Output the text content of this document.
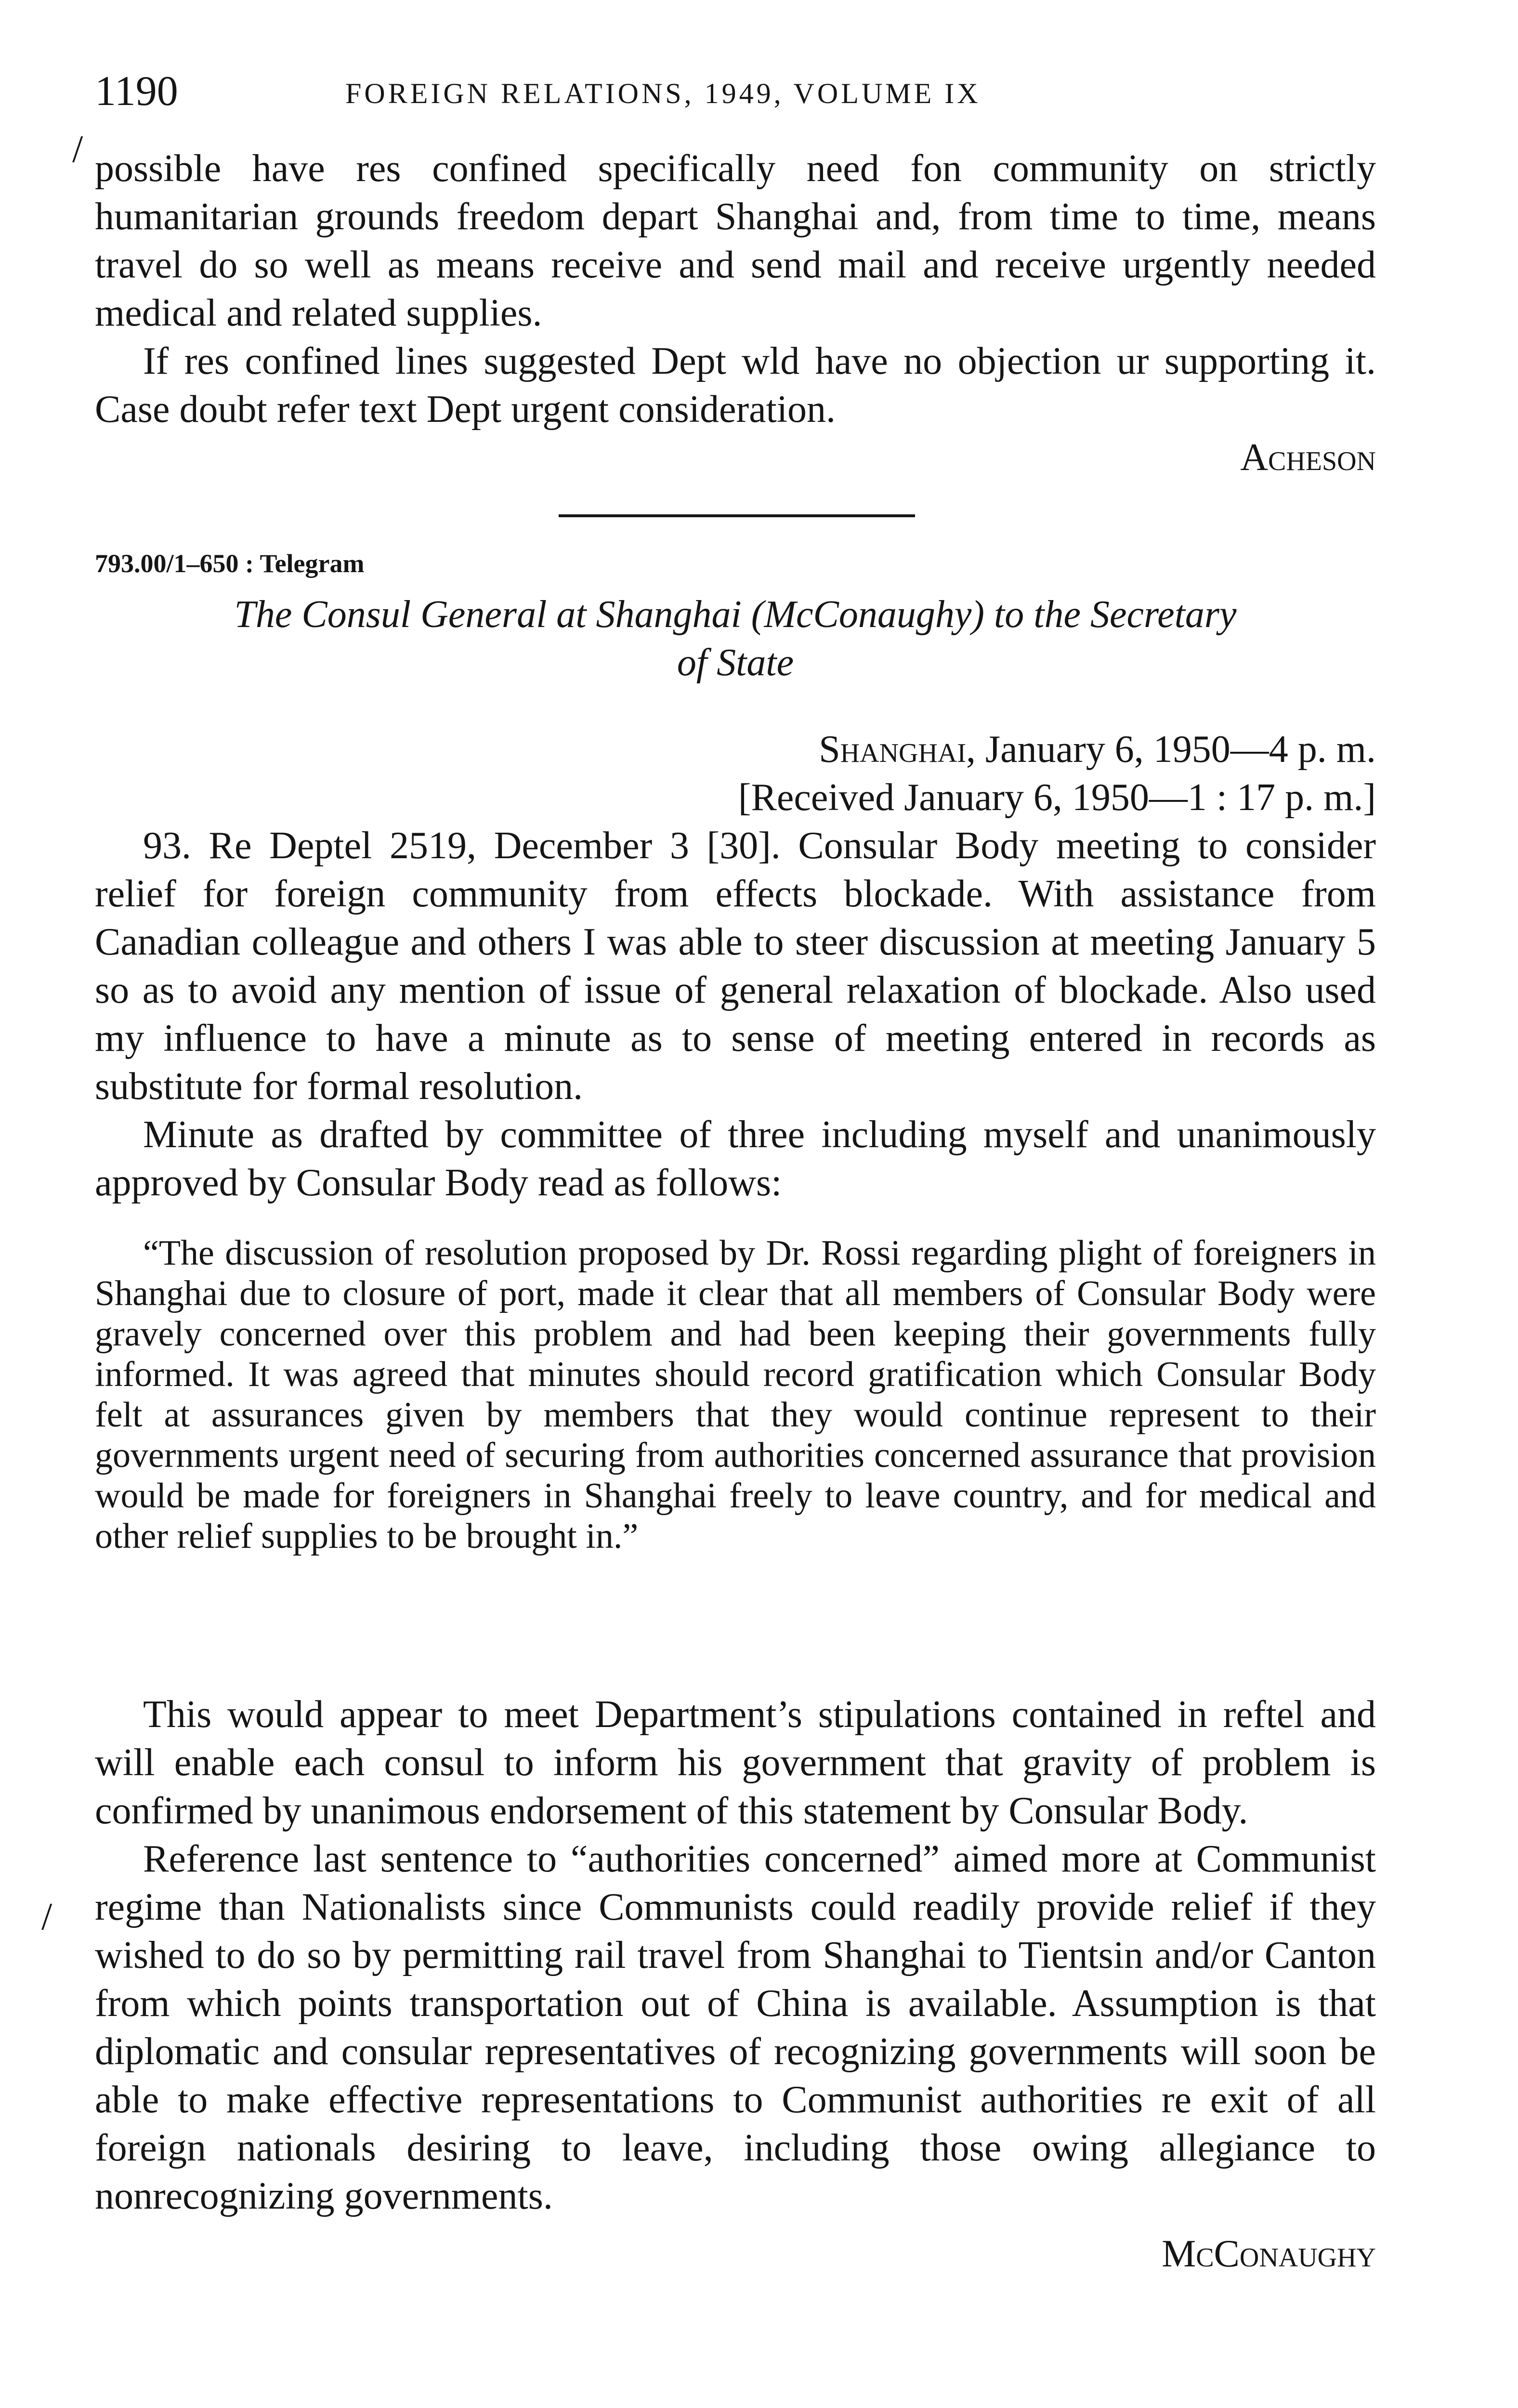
1190	FOREIGN RELATIONS, 1949, VOLUME IX
/ possible have res confined specifically need fon community on strictly humanitarian grounds freedom depart Shanghai and, from time to time, means travel do so well as means receive and send mail and receive urgently needed medical and related supplies.

If res confined lines suggested Dept wld have no objection ur supporting it. Case doubt refer text Dept urgent consideration.

Acheson

793.00/1–650 : Telegram
The Consul General at Shanghai (McConaughy) to the Secretary
of State
Shanghai, January 6, 1950—4 p. m.
[Received January 6, 1950—1 : 17 p. m.]

93. Re Deptel 2519, December 3 [30]. Consular Body meeting to consider relief for foreign community from effects blockade. With assistance from Canadian colleague and others I was able to steer discussion at meeting January 5 so as to avoid any mention of issue of general relaxation of blockade. Also used my influence to have a minute as to sense of meeting entered in records as substitute for formal resolution.

Minute as drafted by committee of three including myself and unanimously approved by Consular Body read as follows:

“The discussion of resolution proposed by Dr. Rossi regarding plight of foreigners in Shanghai due to closure of port, made it clear that all members of Consular Body were gravely concerned over this problem and had been keeping their governments fully informed. It was agreed that minutes should record gratification which Consular Body felt at assurances given by members that they would continue represent to their governments urgent need of securing from authorities concerned assurance that provision would be made for foreigners in Shanghai freely to leave country, and for medical and other relief supplies to be brought in.”

/

This would appear to meet Department’s stipulations contained in reftel and will enable each consul to inform his government that gravity of problem is confirmed by unanimous endorsement of this statement by Consular Body.

Reference last sentence to “authorities concerned” aimed more at Communist regime than Nationalists since Communists could readily provide relief if they wished to do so by permitting rail travel from Shanghai to Tientsin and/or Canton from which points transportation out of China is available. Assumption is that diplomatic and consular representatives of recognizing governments will soon be able to make effective representations to Communist authorities re exit of all foreign nationals desiring to leave, including those owing allegiance to nonrecognizing governments.

McConaughy
